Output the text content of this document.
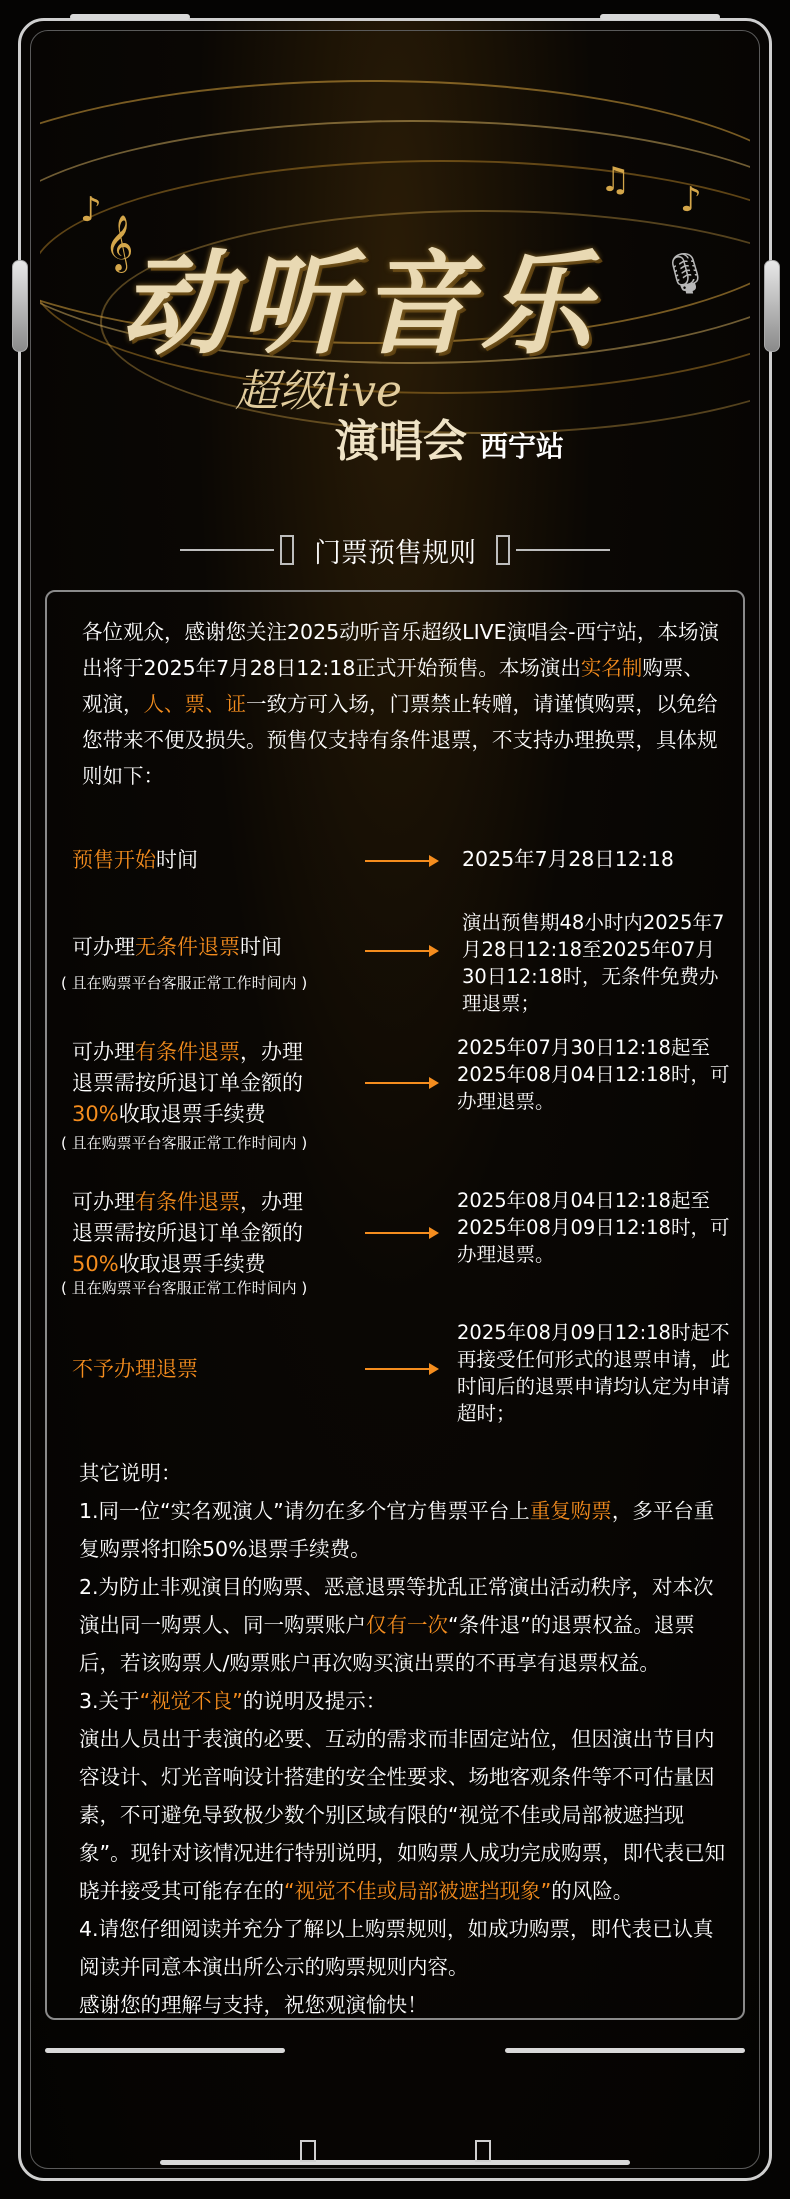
♪
𝄞
♫ ♪
🎙
动听音乐
超级live
演唱会 西宁站
门票预售规则
各位观众，感谢您关注2025动听音乐超级LIVE演唱会-西宁站，本场演出将于2025年7月28日12:18正式开始预售。本场演出实名制购票、观演，人、票、证一致方可入场，门票禁止转赠，请谨慎购票，以免给您带来不便及损失。预售仅支持有条件退票，不支持办理换票，具体规则如下：
预售开始时间	2025年7月28日12:18
可办理无条件退票时间
( 且在购票平台客服正常工作时间内 )
演出预售期48小时内2025年7月28日12:18至2025年07月30日12:18时，无条件免费办理退票；
可办理有条件退票，办理
退票需按所退订单金额的
30%收取退票手续费
( 且在购票平台客服正常工作时间内 )
2025年07月30日12:18起至2025年08月04日12:18时，可办理退票。
可办理有条件退票，办理
退票需按所退订单金额的
50%收取退票手续费
( 且在购票平台客服正常工作时间内 )
2025年08月04日12:18起至2025年08月09日12:18时，可办理退票。
不予办理退票
2025年08月09日12:18时起不再接受任何形式的退票申请，此时间后的退票申请均认定为申请超时；
其它说明：
1.同一位“实名观演人”请勿在多个官方售票平台上重复购票，多平台重复购票将扣除50%退票手续费。
2.为防止非观演目的购票、恶意退票等扰乱正常演出活动秩序，对本次演出同一购票人、同一购票账户仅有一次“条件退”的退票权益。退票后，若该购票人/购票账户再次购买演出票的不再享有退票权益。
3.关于“视觉不良”的说明及提示：
演出人员出于表演的必要、互动的需求而非固定站位，但因演出节目内容设计、灯光音响设计搭建的安全性要求、场地客观条件等不可估量因素，不可避免导致极少数个别区域有限的“视觉不佳或局部被遮挡现象”。现针对该情况进行特别说明，如购票人成功完成购票，即代表已知晓并接受其可能存在的“视觉不佳或局部被遮挡现象”的风险。
4.请您仔细阅读并充分了解以上购票规则，如成功购票，即代表已认真阅读并同意本演出所公示的购票规则内容。
感谢您的理解与支持，祝您观演愉快！
